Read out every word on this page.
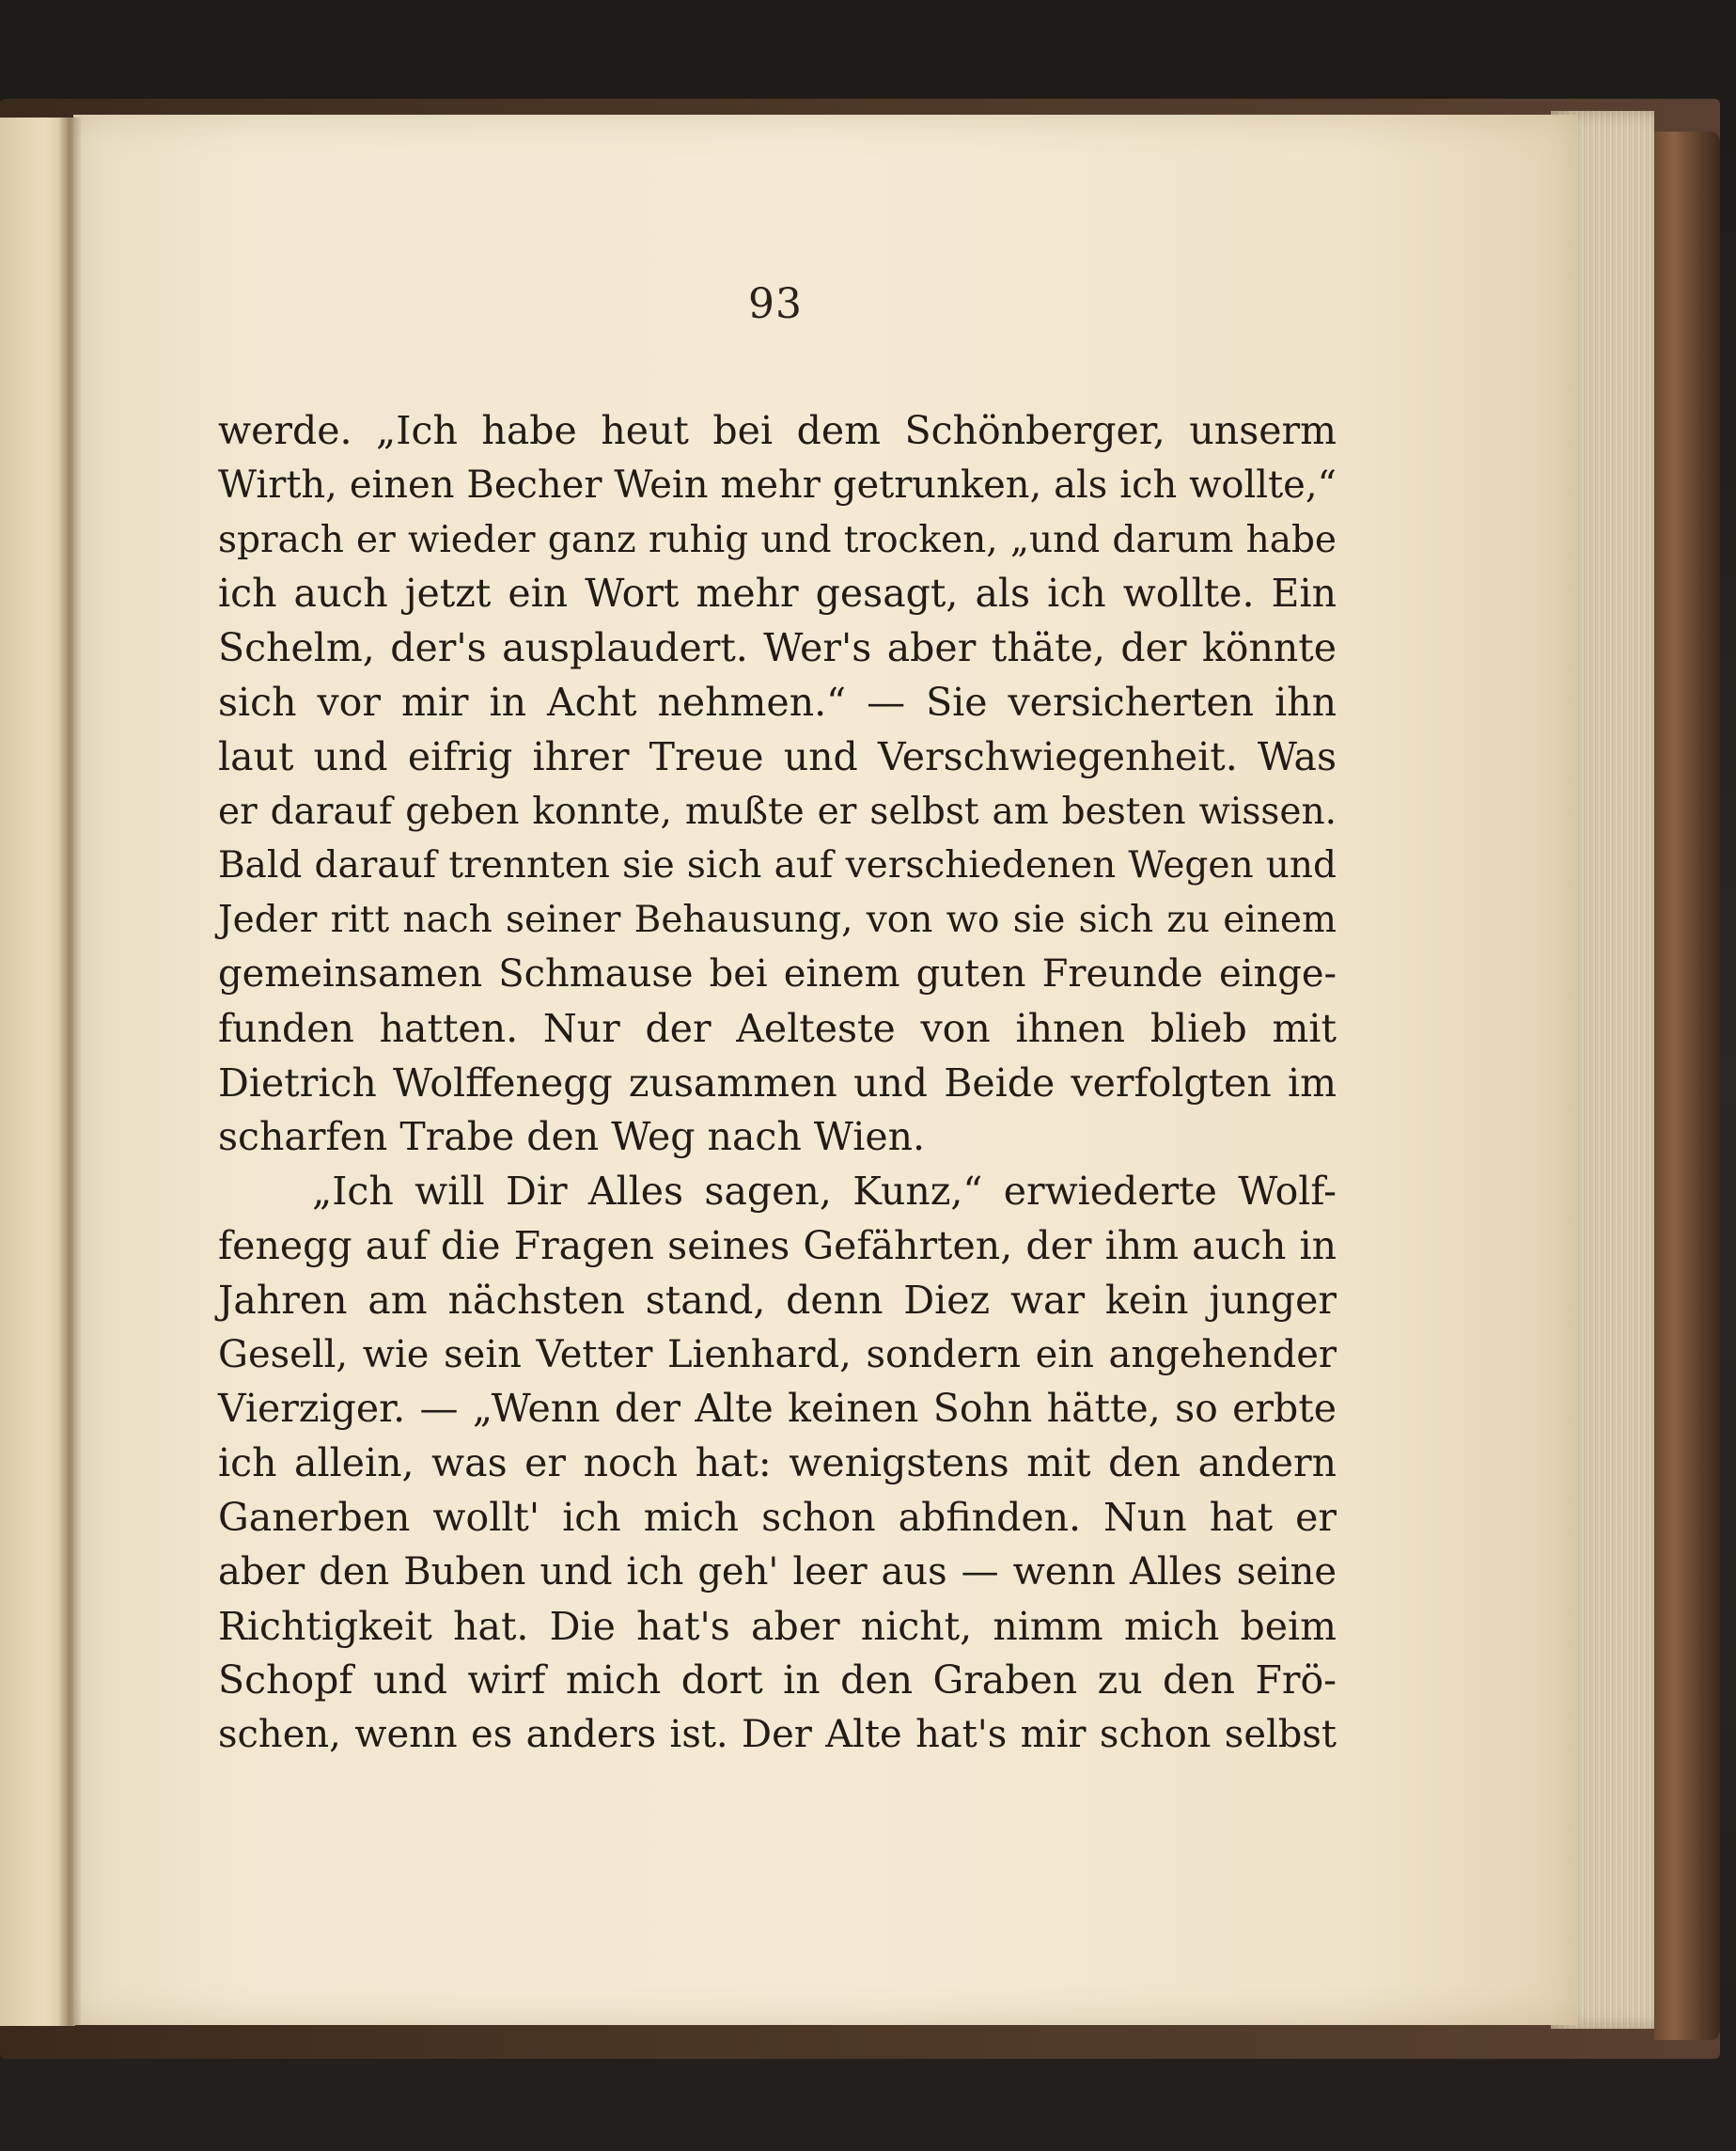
93
werde. „Ich habe heut bei dem Schönberger, unserm
Wirth, einen Becher Wein mehr getrunken, als ich wollte,“
sprach er wieder ganz ruhig und trocken, „und darum habe
ich auch jetzt ein Wort mehr gesagt, als ich wollte. Ein
Schelm, der's ausplaudert. Wer's aber thäte, der könnte
sich vor mir in Acht nehmen.“ — Sie versicherten ihn
laut und eifrig ihrer Treue und Verschwiegenheit. Was
er darauf geben konnte, mußte er selbst am besten wissen.
Bald darauf trennten sie sich auf verschiedenen Wegen und
Jeder ritt nach seiner Behausung, von wo sie sich zu einem
gemeinsamen Schmause bei einem guten Freunde einge-
funden hatten. Nur der Aelteste von ihnen blieb mit
Dietrich Wolffenegg zusammen und Beide verfolgten im
scharfen Trabe den Weg nach Wien.
„Ich will Dir Alles sagen, Kunz,“ erwiederte Wolf-
fenegg auf die Fragen seines Gefährten, der ihm auch in
Jahren am nächsten stand, denn Diez war kein junger
Gesell, wie sein Vetter Lienhard, sondern ein angehender
Vierziger. — „Wenn der Alte keinen Sohn hätte, so erbte
ich allein, was er noch hat: wenigstens mit den andern
Ganerben wollt' ich mich schon abfinden. Nun hat er
aber den Buben und ich geh' leer aus — wenn Alles seine
Richtigkeit hat. Die hat's aber nicht, nimm mich beim
Schopf und wirf mich dort in den Graben zu den Frö-
schen, wenn es anders ist. Der Alte hat's mir schon selbst
